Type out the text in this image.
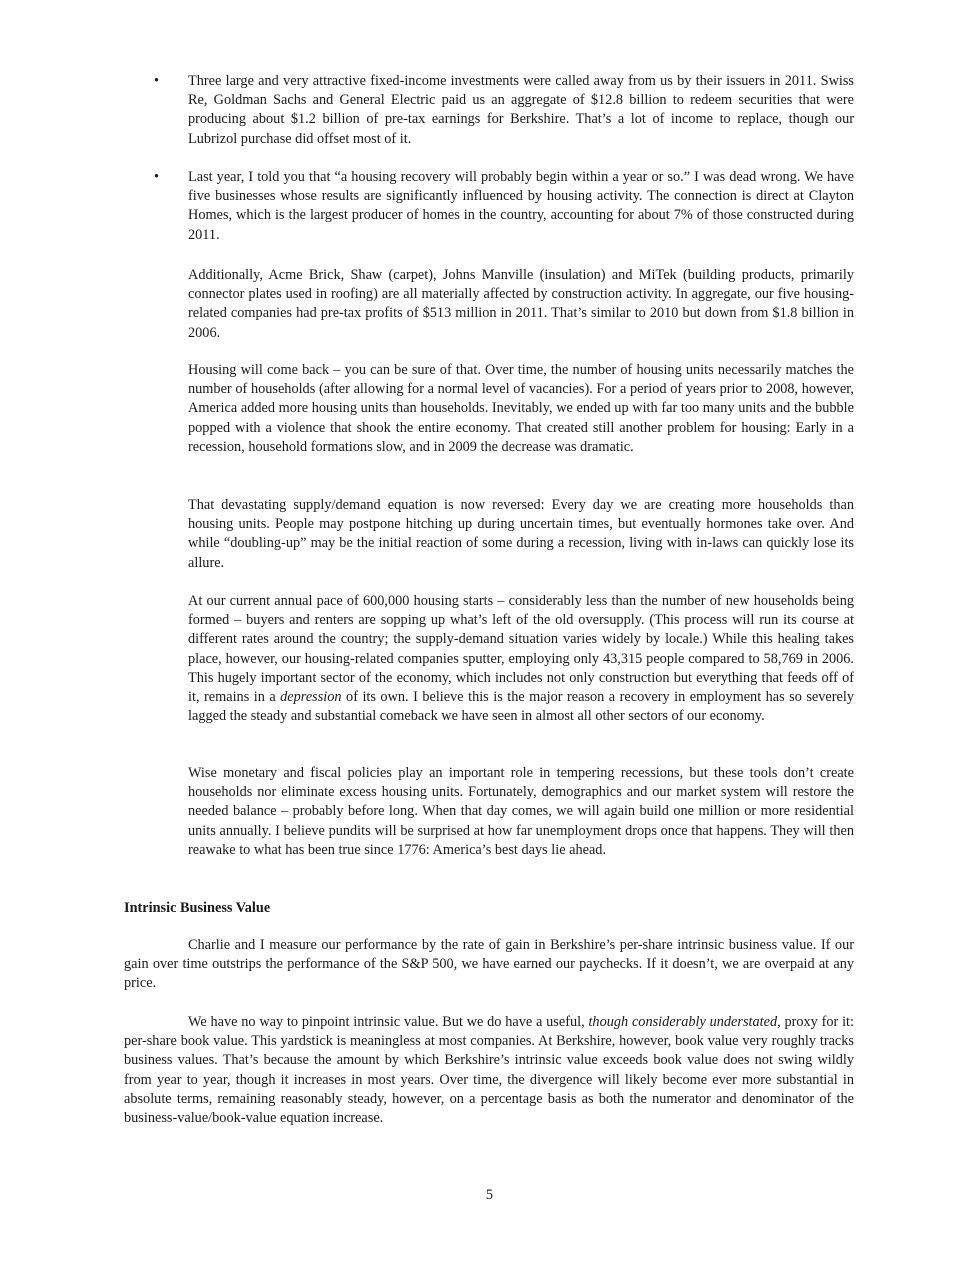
•	Three large and very attractive fixed-income investments were called away from us by their issuers in 2011. Swiss Re, Goldman Sachs and General Electric paid us an aggregate of $12.8 billion to redeem securities that were producing about $1.2 billion of pre-tax earnings for Berkshire. That’s a lot of income to replace, though our Lubrizol purchase did offset most of it.

•	Last year, I told you that “a housing recovery will probably begin within a year or so.” I was dead wrong. We have five businesses whose results are significantly influenced by housing activity. The connection is direct at Clayton Homes, which is the largest producer of homes in the country, accounting for about 7% of those constructed during 2011.

Additionally, Acme Brick, Shaw (carpet), Johns Manville (insulation) and MiTek (building products, primarily connector plates used in roofing) are all materially affected by construction activity. In aggregate, our five housing-related companies had pre-tax profits of $513 million in 2011. That’s similar to 2010 but down from $1.8 billion in 2006.

Housing will come back – you can be sure of that. Over time, the number of housing units necessarily matches the number of households (after allowing for a normal level of vacancies). For a period of years prior to 2008, however, America added more housing units than households. Inevitably, we ended up with far too many units and the bubble popped with a violence that shook the entire economy. That created still another problem for housing: Early in a recession, household formations slow, and in 2009 the decrease was dramatic.

That devastating supply/demand equation is now reversed: Every day we are creating more households than housing units. People may postpone hitching up during uncertain times, but eventually hormones take over. And while “doubling-up” may be the initial reaction of some during a recession, living with in-laws can quickly lose its allure.

At our current annual pace of 600,000 housing starts – considerably less than the number of new households being formed – buyers and renters are sopping up what’s left of the old oversupply. (This process will run its course at different rates around the country; the supply-demand situation varies widely by locale.) While this healing takes place, however, our housing-related companies sputter, employing only 43,315 people compared to 58,769 in 2006. This hugely important sector of the economy, which includes not only construction but everything that feeds off of it, remains in a depression of its own. I believe this is the major reason a recovery in employment has so severely lagged the steady and substantial comeback we have seen in almost all other sectors of our economy.

Wise monetary and fiscal policies play an important role in tempering recessions, but these tools don’t create households nor eliminate excess housing units. Fortunately, demographics and our market system will restore the needed balance – probably before long. When that day comes, we will again build one million or more residential units annually. I believe pundits will be surprised at how far unemployment drops once that happens. They will then reawake to what has been true since 1776: America’s best days lie ahead.

Intrinsic Business Value

Charlie and I measure our performance by the rate of gain in Berkshire’s per-share intrinsic business value. If our gain over time outstrips the performance of the S&P 500, we have earned our paychecks. If it doesn’t, we are overpaid at any price.

We have no way to pinpoint intrinsic value. But we do have a useful, though considerably understated, proxy for it: per-share book value. This yardstick is meaningless at most companies. At Berkshire, however, book value very roughly tracks business values. That’s because the amount by which Berkshire’s intrinsic value exceeds book value does not swing wildly from year to year, though it increases in most years. Over time, the divergence will likely become ever more substantial in absolute terms, remaining reasonably steady, however, on a percentage basis as both the numerator and denominator of the business-value/book-value equation increase.

5
